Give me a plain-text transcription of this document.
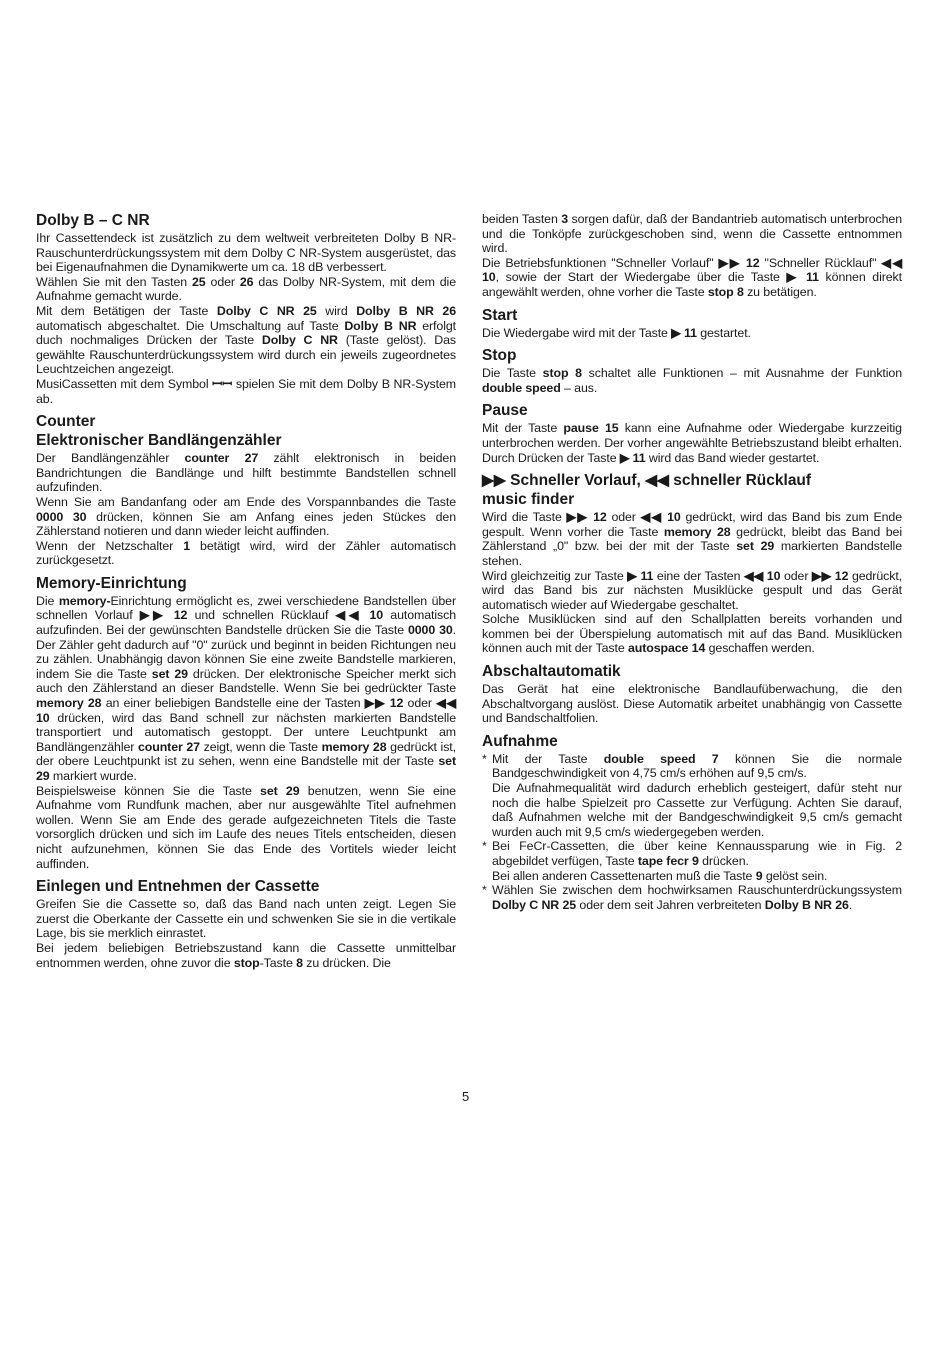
Dolby B – C NR

Ihr Cassettendeck ist zusätzlich zu dem weltweit verbreiteten Dolby B NR-Rauschunterdrückungssystem mit dem Dolby C NR-System ausgerüstet, das bei Eigenaufnahmen die Dynamikwerte um ca. 18 dB verbessert.

Wählen Sie mit den Tasten 25 oder 26 das Dolby NR-System, mit dem die Aufnahme gemacht wurde.

Mit dem Betätigen der Taste Dolby C NR 25 wird Dolby B NR 26 automatisch abgeschaltet. Die Umschaltung auf Taste Dolby B NR erfolgt duch nochmaliges Drücken der Taste Dolby C NR (Taste gelöst). Das gewählte Rauschunterdrückungssystem wird durch ein jeweils zugeordnetes Leuchtzeichen angezeigt.

MusiCassetten mit dem Symbol ꟷꟷ spielen Sie mit dem Dolby B NR-System ab.

Counter
Elektronischer Bandlängenzähler

Der Bandlängenzähler counter 27 zählt elektronisch in beiden Bandrichtungen die Bandlänge und hilft bestimmte Bandstellen schnell aufzufinden.

Wenn Sie am Bandanfang oder am Ende des Vorspannbandes die Taste 0000 30 drücken, können Sie am Anfang eines jeden Stückes den Zählerstand notieren und dann wieder leicht auffinden.

Wenn der Netzschalter 1 betätigt wird, wird der Zähler automatisch zurückgesetzt.

Memory-Einrichtung

Die memory-Einrichtung ermöglicht es, zwei verschiedene Bandstellen über schnellen Vorlauf ▶▶ 12 und schnellen Rücklauf ◀◀ 10 automatisch aufzufinden. Bei der gewünschten Bandstelle drücken Sie die Taste 0000 30. Der Zähler geht dadurch auf "0" zurück und beginnt in beiden Richtungen neu zu zählen. Unabhängig davon können Sie eine zweite Bandstelle markieren, indem Sie die Taste set 29 drücken. Der elektronische Speicher merkt sich auch den Zählerstand an dieser Bandstelle. Wenn Sie bei gedrückter Taste memory 28 an einer beliebigen Bandstelle eine der Tasten ▶▶ 12 oder ◀◀ 10 drücken, wird das Band schnell zur nächsten markierten Bandstelle transportiert und automatisch gestoppt. Der untere Leuchtpunkt am Bandlängenzähler counter 27 zeigt, wenn die Taste memory 28 gedrückt ist, der obere Leuchtpunkt ist zu sehen, wenn eine Bandstelle mit der Taste set 29 markiert wurde.

Beispielsweise können Sie die Taste set 29 benutzen, wenn Sie eine Aufnahme vom Rundfunk machen, aber nur ausgewählte Titel aufnehmen wollen. Wenn Sie am Ende des gerade aufgezeichneten Titels die Taste vorsorglich drücken und sich im Laufe des neues Titels entscheiden, diesen nicht aufzunehmen, können Sie das Ende des Vortitels wieder leicht auffinden.

Einlegen und Entnehmen der Cassette

Greifen Sie die Cassette so, daß das Band nach unten zeigt. Legen Sie zuerst die Oberkante der Cassette ein und schwenken Sie sie in die vertikale Lage, bis sie merklich einrastet.

Bei jedem beliebigen Betriebszustand kann die Cassette unmittelbar entnommen werden, ohne zuvor die stop-Taste 8 zu drücken. Die

beiden Tasten 3 sorgen dafür, daß der Bandantrieb automatisch unterbrochen und die Tonköpfe zurückgeschoben sind, wenn die Cassette entnommen wird.

Die Betriebsfunktionen "Schneller Vorlauf" ▶▶ 12 "Schneller Rücklauf" ◀◀ 10, sowie der Start der Wiedergabe über die Taste ▶ 11 können direkt angewählt werden, ohne vorher die Taste stop 8 zu betätigen.

Start

Die Wiedergabe wird mit der Taste ▶ 11 gestartet.

Stop

Die Taste stop 8 schaltet alle Funktionen – mit Ausnahme der Funktion double speed – aus.

Pause

Mit der Taste pause 15 kann eine Aufnahme oder Wiedergabe kurzzeitig unterbrochen werden. Der vorher angewählte Betriebszustand bleibt erhalten. Durch Drücken der Taste ▶ 11 wird das Band wieder gestartet.

▶▶ Schneller Vorlauf, ◀◀ schneller Rücklauf
music finder

Wird die Taste ▶▶ 12 oder ◀◀ 10 gedrückt, wird das Band bis zum Ende gespult. Wenn vorher die Taste memory 28 gedrückt, bleibt das Band bei Zählerstand „0" bzw. bei der mit der Taste set 29 markierten Bandstelle stehen.

Wird gleichzeitig zur Taste ▶ 11 eine der Tasten ◀◀ 10 oder ▶▶ 12 gedrückt, wird das Band bis zur nächsten Musiklücke gespult und das Gerät automatisch wieder auf Wiedergabe geschaltet.

Solche Musiklücken sind auf den Schallplatten bereits vorhanden und kommen bei der Überspielung automatisch mit auf das Band. Musiklücken können auch mit der Taste autospace 14 geschaffen werden.

Abschaltautomatik

Das Gerät hat eine elektronische Bandlaufüberwachung, die den Abschaltvorgang auslöst. Diese Automatik arbeitet unabhängig von Cassette und Bandschaltfolien.

Aufnahme
* Mit der Taste double speed 7 können Sie die normale Bandgeschwindigkeit von 4,75 cm/s erhöhen auf 9,5 cm/s.
Die Aufnahmequalität wird dadurch erheblich gesteigert, dafür steht nur noch die halbe Spielzeit pro Cassette zur Verfügung. Achten Sie darauf, daß Aufnahmen welche mit der Bandgeschwindigkeit 9,5 cm/s gemacht wurden auch mit 9,5 cm/s wiedergegeben werden.
* Bei FeCr-Cassetten, die über keine Kennaussparung wie in Fig. 2 abgebildet verfügen, Taste tape fecr 9 drücken.
Bei allen anderen Cassettenarten muß die Taste 9 gelöst sein.
* Wählen Sie zwischen dem hochwirksamen Rauschunterdrückungssystem Dolby C NR 25 oder dem seit Jahren verbreiteten Dolby B NR 26.
5
